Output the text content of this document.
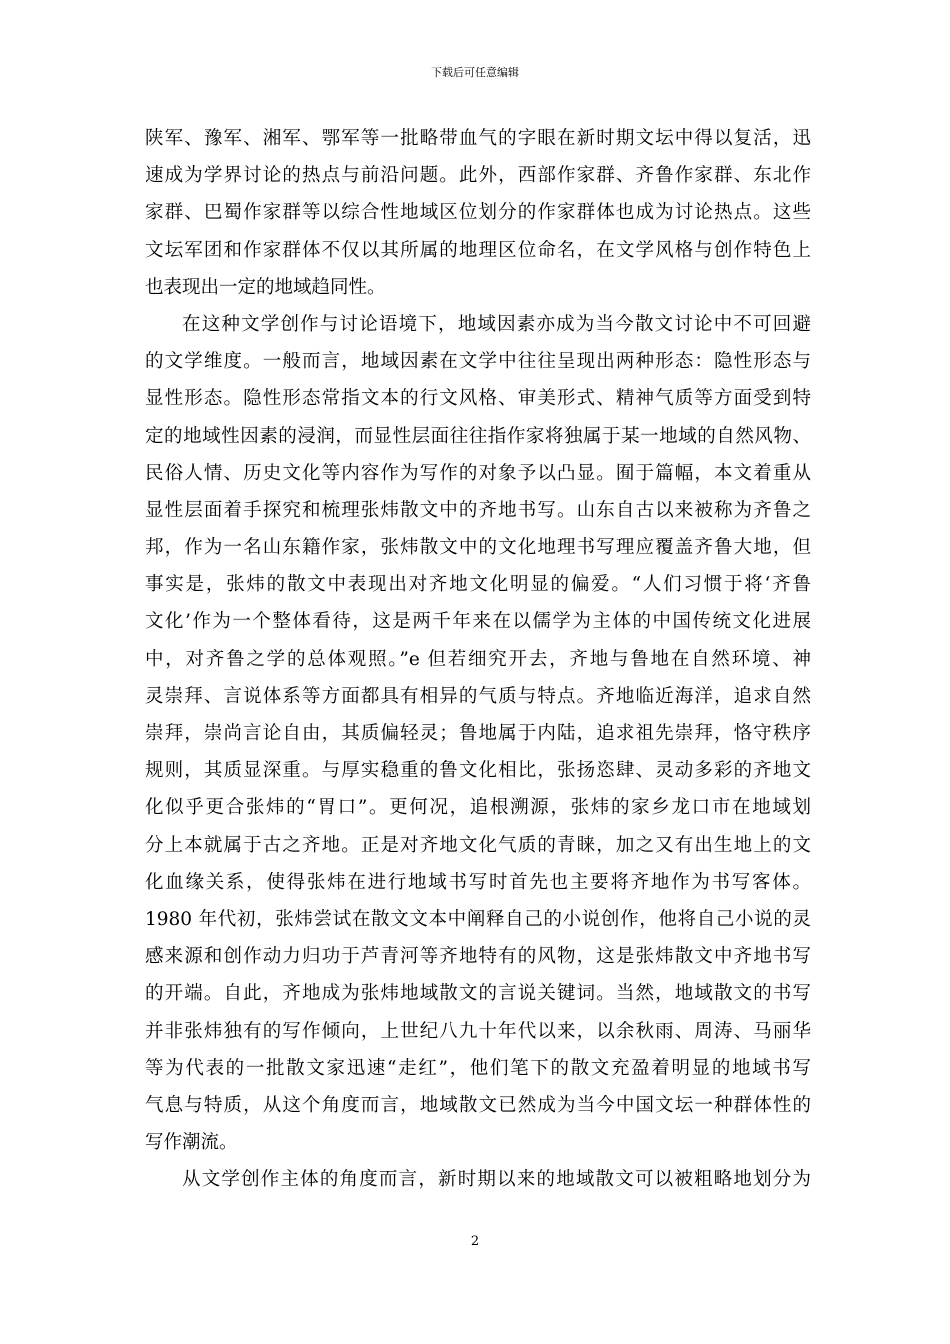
下载后可任意编辑
陕军、豫军、湘军、鄂军等一批略带血气的字眼在新时期文坛中得以复活，迅
速成为学界讨论的热点与前沿问题。此外，西部作家群、齐鲁作家群、东北作
家群、巴蜀作家群等以综合性地域区位划分的作家群体也成为讨论热点。这些
文坛军团和作家群体不仅以其所属的地理区位命名，在文学风格与创作特色上
也表现出一定的地域趋同性。
在这种文学创作与讨论语境下，地域因素亦成为当今散文讨论中不可回避
的文学维度。一般而言，地域因素在文学中往往呈现出两种形态：隐性形态与
显性形态。隐性形态常指文本的行文风格、审美形式、精神气质等方面受到特
定的地域性因素的浸润，而显性层面往往指作家将独属于某一地域的自然风物、
民俗人情、历史文化等内容作为写作的对象予以凸显。囿于篇幅，本文着重从
显性层面着手探究和梳理张炜散文中的齐地书写。山东自古以来被称为齐鲁之
邦，作为一名山东籍作家，张炜散文中的文化地理书写理应覆盖齐鲁大地，但
事实是，张炜的散文中表现出对齐地文化明显的偏爱。“人们习惯于将‘齐鲁
文化’作为一个整体看待，这是两千年来在以儒学为主体的中国传统文化进展
中，对齐鲁之学的总体观照。”e 但若细究开去，齐地与鲁地在自然环境、神
灵崇拜、言说体系等方面都具有相异的气质与特点。齐地临近海洋，追求自然
崇拜，崇尚言论自由，其质偏轻灵；鲁地属于内陆，追求祖先崇拜，恪守秩序
规则，其质显深重。与厚实稳重的鲁文化相比，张扬恣肆、灵动多彩的齐地文
化似乎更合张炜的“胃口”。更何况，追根溯源，张炜的家乡龙口市在地域划
分上本就属于古之齐地。正是对齐地文化气质的青睐，加之又有出生地上的文
化血缘关系，使得张炜在进行地域书写时首先也主要将齐地作为书写客体。
1980 年代初，张炜尝试在散文文本中阐释自己的小说创作，他将自己小说的灵
感来源和创作动力归功于芦青河等齐地特有的风物，这是张炜散文中齐地书写
的开端。自此，齐地成为张炜地域散文的言说关键词。当然，地域散文的书写
并非张炜独有的写作倾向，上世纪八九十年代以来，以余秋雨、周涛、马丽华
等为代表的一批散文家迅速“走红”，他们笔下的散文充盈着明显的地域书写
气息与特质，从这个角度而言，地域散文已然成为当今中国文坛一种群体性的
写作潮流。
从文学创作主体的角度而言，新时期以来的地域散文可以被粗略地划分为
2
